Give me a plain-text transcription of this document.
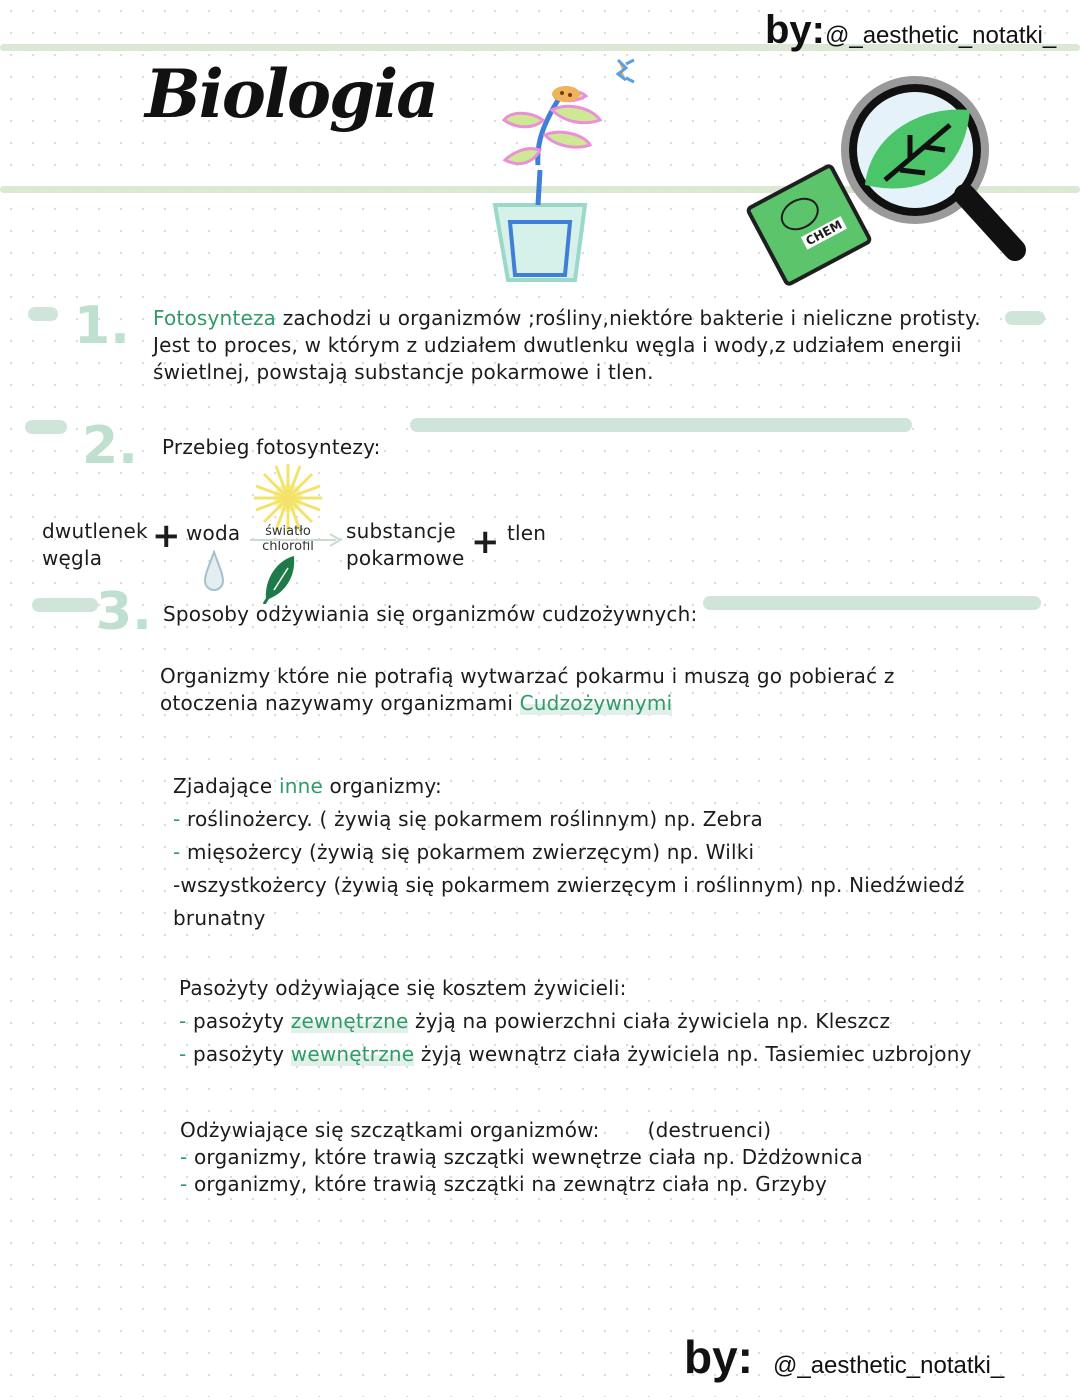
by:@_aesthetic_notatki_
Biologia
CHEM
1. Fotosynteza zachodzi u organizmów ;rośliny,niektóre bakterie i nieliczne protisty.
Jest to proces, w którym z udziałem dwutlenku węgla i wody,z udziałem energii
świetlnej, powstają substancje pokarmowe i tlen.
2. Przebieg fotosyntezy:
dwutlenek
węgla
+ woda	światło
chlorofil
substancje
pokarmowe + tlen
3. Sposoby odżywiania się organizmów cudzożywnych:
Organizmy które nie potrafią wytwarzać pokarmu i muszą go pobierać z
otoczenia nazywamy organizmami Cudzożywnymi
Zjadające inne organizmy:
- roślinożercy. ( żywią się pokarmem roślinnym) np. Zebra
- mięsożercy (żywią się pokarmem zwierzęcym) np. Wilki
-wszystkożercy (żywią się pokarmem zwierzęcym i roślinnym) np. Niedźwiedź
brunatny
Pasożyty odżywiające się kosztem żywicieli:
- pasożyty zewnętrzne żyją na powierzchni ciała żywiciela np. Kleszcz
- pasożyty wewnętrzne żyją wewnątrz ciała żywiciela np. Tasiemiec uzbrojony
Odżywiające się szczątkami organizmów: (destruenci)
- organizmy, które trawią szczątki wewnętrze ciała np. Dżdżownica
- organizmy, które trawią szczątki na zewnątrz ciała np. Grzyby
by: @_aesthetic_notatki_
